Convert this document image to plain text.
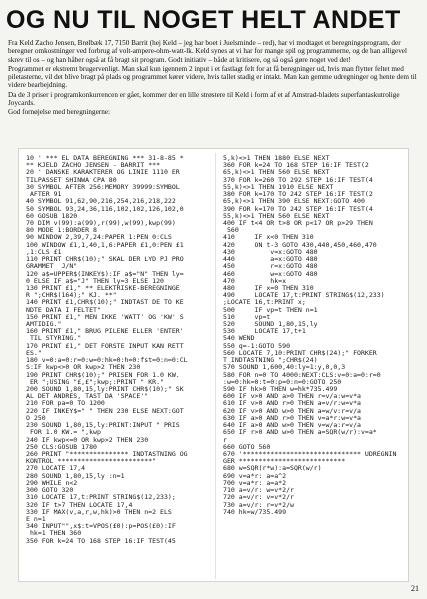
OG NU TIL NOGET HELT ANDET

Fra Keld Zacho Jensen, Brølbæk 17, 7150 Barrit (hej Keld – jeg har boet i Juelsminde – red), har vi modtaget et beregningsprogram, der beregner omkostninger ved forbrug af volt-ampere-ohm-watt-lk. Keld synes at vi har for mange spil og programmerne, og de han alligevel skrev til os – og han håber også at få bragt sit program. Godt initiativ – både at kritisere, og så også gøre noget ved det!

Programmet er ekstremt brugervenligt. Man skal kun igennem 2 input i et fastlagt felt for at få beregninger ud, hvis man flytter feltet med piletasterne, vil det blive bragt på plads og programmet kører videre, hvis tallet stadig er intakt. Man kan gemme udregninger og hente dem til videre bearbejdning.

Da de 3 priser i programkonkurrencen er gået, kommer der en lille strøstere til Keld i form af et af Amstrad-bladets superfantaskutrolige Joycards.

God fornøjelse med beregningerne:

10 ' *** EL DATA BEREGNING *** 31-8-85 *
** KJELD ZACHO JENSEN - BARRIT ***
20 ' DANSKE KARAKTERER OG LINIE 1110 ER
TILPASSET SHINWA CPA 80
30 SYMBOL AFTER 256:MEMORY 39999:SYMBOL
AFTER 91
40 SYMBOL 91,62,90,216,254,216,218,222
50 SYMBOL 93,24,36,116,102,102,126,102,0
60 GOSUB 1820
70 DIM v(99):a(99),r(99),w(99),kwp(99)
80 MODE 1:BORDER 8
90 WINDOW 2,39,7,24:PAPER 1:PEN 0:CLS
100 WINDOW £1,1,40,1,6:PAPER £1,0:PEN £1
,1:CLS £1
110 PRINT CHR$(10);" SKAL DER LYD PJ PRO
GRAMMET  J/N"
120 a$=UPPER$(INKEY$):IF a$="N" THEN ly=
0 ELSE IF a$="J" THEN ly=3 ELSE 120
130 PRINT £1," ** ELEKTRISKE-BEREGNINGE
R ";CHR$(164);" KJ. **"
140 PRINT £1,CHR$(10);" INDTAST DE TO KE
NDTE DATA I FELTET"
150 PRINT £1," MEN IKKE 'WATT' OG 'KW' S
AMTIDIG."
160 PRINT £1," BRUG PILENE ELLER 'ENTER'
TIL STYRING."
170 PRINT £1," DET FORSTE INPUT KAN RETT
ES."
180 v=0:a=0:r=0:w=0:hk=0:h=0:fst=0:n=0:CL
S:IF kwp<>0 OR kwp>2 THEN 230
190 PRINT CHR$(10);" PRISEN FOR 1.0 KW.
ER ";USING "£,£";kwp;:PRINT " KR."
200 SOUND 1,80,15,ly:PRINT CHR$(10);" SK
AL DET ANDRES, TAST DA 'SPACE'"
210 FOR pa=0 TO 1200
220 IF INKEY$=" " THEN 230 ELSE NEXT:GOT
O 250
230 SOUND 1,80,15,ly:PRINT:INPUT " PRIS
FOR 1.0 KW.= ",kwp
240 IF kwp<=0 OR kwp>2 THEN 230
250 CLS:GOSUB 1780
260 PRINT "*************** INDTASTNING OG
KONTROL ************************"
270 LOCATE 17,4
280 SOUND 1,80,15,ly :n=1
290 WHILE n<2
300 GOTO 320
310 LOCATE 17,t:PRINT STRING$(12,233);
320 IF t>7 THEN LOCATE 17,4
330 IF MAX(v,a,r,w,hk)>0 THEN n=2 ELS
E n=1
340 INPUT"",x$:t=VPOS(£0):p=POS(£0):IF
hk=1 THEN 360
350 FOR k=24 TO 168 STEP 16:IF TEST(45
5,k)<>1 THEN 1880 ELSE NEXT
360 FOR k=24 TO 168 STEP 16:IF TEST(2
65,k)<>1 THEN 560 ELSE NEXT
370 FOR k=260 TO 292 STEP 16:IF TEST(4
55,k)<>1 THEN 1910 ELSE NEXT
380 FOR k=170 TO 242 STEP 16:IF TEST(2
65,k)<>1 THEN 390 ELSE NEXT:GOTO 400
390 FOR k=170 TO 242 STEP 16:IF TEST(4
55,k)<>1 THEN 560 ELSE NEXT
400 IF t<4 OR t>8 OR p<17 OR p>29 THEN
560
410     IF x<0 THEN 310
420     ON t-3 GOTO 430,440,450,460,470
430         v=x:GOTO 480
440         a=x:GOTO 480
450         r=x:GOTO 480
460         w=x:GOTO 480
470         hk=x
480     IF x=0 THEN 310
490     LOCATE 17,t:PRINT STRING$(12,233)
;LOCATE 16,t:PRINT x;
500     IF vp=t THEN n=1
510     vp=t
520     SOUND 1,80,15,ly
530     LOCATE 17,t+1
540 WEND
550 q=-1:GOTO 590
560 LOCATE 7,10:PRINT CHR$(24);" FORKER
T INDTASTNING ";CHR$(24)
570 SOUND 1,600,40:ly=1:y,0,0,3
580 FOR n=0 TO 4000:NEXT:CLS:v=0:a=0:r=0
:w=0:hk=0:t=0:p=0:n=0:GOTO 250
590 IF hk>0 THEN w=hk*735.499
600 IF v>0 AND a>0 THEN r=v/a:w=v*a
610 IF v>0 AND r>0 THEN a=v/r:w=v*a
620 IF v>0 AND w>0 THEN a=w/v:r=v/a
630 IF a>0 AND r>0 THEN v=a*r:w=v*a
640 IF a>0 AND w>0 THEN v=w/a:r=v/a
650 IF r>0 AND w>0 THEN a=SQR(w/r):v=a*
r
660 GOTO 560
670 '****************************** UDREGNIN
GER ***************************
680 w=SQR(r*w):a=SQR(w/r)
690 v=a*r: a=a^2
700 v=a*r: a=a*2
710 a=v/r: w=v*2/r
720 a=v/r: v=v*2/r
730 a=v/r: r=v*2/w
740 hk=w/735.499
21
